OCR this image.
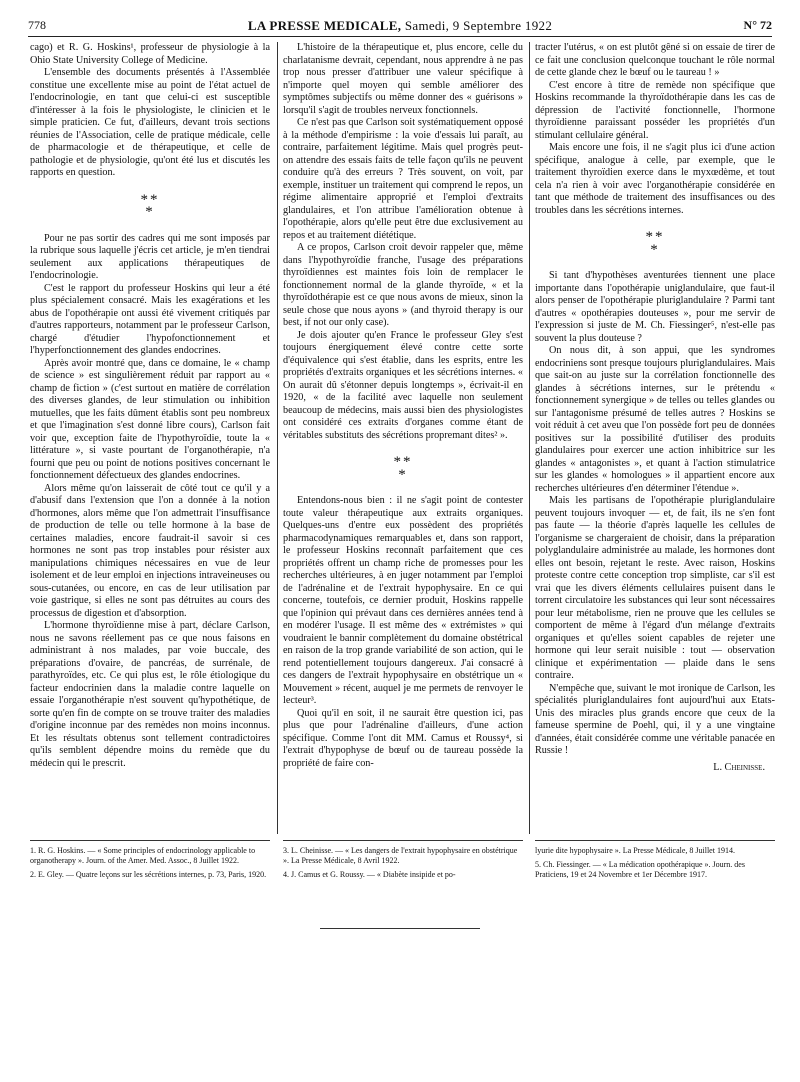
778	LA PRESSE MEDICALE, Samedi, 9 Septembre 1922	N° 72

cago) et R. G. Hoskins¹, professeur de physiologie à la Ohio State University College of Medicine.

L'ensemble des documents présentés à l'Assemblée constitue une excellente mise au point de l'état actuel de l'endocrinologie, en tant que celui-ci est susceptible d'intéresser à la fois le physiologiste, le clinicien et le simple praticien. Ce fut, d'ailleurs, devant trois sections réunies de l'Association, celle de pratique médicale, celle de pharmacologie et de thérapeutique, et celle de pathologie et de physiologie, qu'ont été lus et discutés les rapports en question.

**
*

Pour ne pas sortir des cadres qui me sont imposés par la rubrique sous laquelle j'écris cet article, je m'en tiendrai seulement aux applications thérapeutiques de l'endocrinologie.

C'est le rapport du professeur Hoskins qui leur a été plus spécialement consacré. Mais les exagérations et les abus de l'opothérapie ont aussi été vivement critiqués par d'autres rapporteurs, notamment par le professeur Carlson, chargé d'étudier l'hypofonctionnement et l'hyperfonctionnement des glandes endocrines.

Après avoir montré que, dans ce domaine, le « champ de science » est singulièrement réduit par rapport au « champ de fiction » (c'est surtout en matière de corrélation des diverses glandes, de leur stimulation ou inhibition mutuelles, que les faits dûment établis sont peu nombreux et que l'imagination s'est donné libre cours), Carlson fait voir que, exception faite de l'hypothyroïdie, toute la « littérature », si vaste pourtant de l'organothérapie, n'a fourni que peu ou point de notions positives concernant le fonctionnement défectueux des glandes endocrines.

Alors même qu'on laisserait de côté tout ce qu'il y a d'abusif dans l'extension que l'on a donnée à la notion d'hormones, alors même que l'on admettrait l'insuffisance de production de telle ou telle hormone à la base de certaines maladies, encore faudrait-il savoir si ces hormones ne sont pas trop instables pour résister aux manipulations chimiques nécessaires en vue de leur isolement et de leur emploi en injections intraveineuses ou sous-cutanées, ou encore, en cas de leur utilisation par voie gastrique, si elles ne sont pas détruites au cours des processus de digestion et d'absorption.

L'hormone thyroïdienne mise à part, déclare Carlson, nous ne savons réellement pas ce que nous faisons en administrant à nos malades, par voie buccale, des préparations d'ovaire, de pancréas, de surrénale, de parathyroïdes, etc. Ce qui plus est, le rôle étiologique du facteur endocrinien dans la maladie contre laquelle on essaie l'organothérapie n'est souvent qu'hypothétique, de sorte qu'en fin de compte on se trouve traiter des maladies d'origine inconnue par des remèdes non moins inconnus. Et les résultats obtenus sont tellement contradictoires qu'ils semblent dépendre moins du remède que du médecin qui le prescrit.

L'histoire de la thérapeutique et, plus encore, celle du charlatanisme devrait, cependant, nous apprendre à ne pas trop nous presser d'attribuer une valeur spécifique à n'importe quel moyen qui semble améliorer des symptômes subjectifs ou même donner des « guérisons » lorsqu'il s'agit de troubles nerveux fonctionnels.

Ce n'est pas que Carlson soit systématiquement opposé à la méthode d'empirisme : la voie d'essais lui paraît, au contraire, parfaitement légitime. Mais quel progrès peut-on attendre des essais faits de telle façon qu'ils ne peuvent conduire qu'à des erreurs ? Très souvent, on voit, par exemple, instituer un traitement qui comprend le repos, un régime alimentaire approprié et l'emploi d'extraits glandulaires, et l'on attribue l'amélioration obtenue à l'opothérapie, alors qu'elle peut être due exclusivement au repos et au traitement diététique.

A ce propos, Carlson croit devoir rappeler que, même dans l'hypothyroïdie franche, l'usage des préparations thyroïdiennes est maintes fois loin de remplacer le fonctionnement normal de la glande thyroïde, « et la thyroïdothérapie est ce que nous avons de mieux, sinon la seule chose que nous ayons » (and thyroid therapy is our best, if not our only case).

Je dois ajouter qu'en France le professeur Gley s'est toujours énergiquement élevé contre cette sorte d'équivalence qui s'est établie, dans les esprits, entre les propriétés d'extraits organiques et les sécrétions internes. « On aurait dû s'étonner depuis longtemps », écrivait-il en 1920, « de la facilité avec laquelle non seulement beaucoup de médecins, mais aussi bien des physiologistes ont considéré ces extraits d'organes comme étant de véritables substituts des sécrétions propremant dites² ».

**
*

Entendons-nous bien : il ne s'agit point de contester toute valeur thérapeutique aux extraits organiques. Quelques-uns d'entre eux possèdent des propriétés pharmacodynamiques remarquables et, dans son rapport, le professeur Hoskins reconnaît parfaitement que ces propriétés offrent un champ riche de promesses pour les recherches ultérieures, à en juger notamment par l'emploi de l'adrénaline et de l'extrait hypophysaire. En ce qui concerne, toutefois, ce dernier produit, Hoskins rappelle que l'opinion qui prévaut dans ces dernières années tend à en modérer l'usage. Il est même des « extrémistes » qui voudraient le bannir complètement du domaine obstétrical en raison de la trop grande variabilité de son action, qui le rend potentiellement toujours dangereux. J'ai consacré à ces dangers de l'extrait hypophysaire en obstétrique un « Mouvement » récent, auquel je me permets de renvoyer le lecteur³.

Quoi qu'il en soit, il ne saurait être question ici, pas plus que pour l'adrénaline d'ailleurs, d'une action spécifique. Comme l'ont dit MM. Camus et Roussy⁴, si l'extrait d'hypophyse de bœuf ou de taureau possède la propriété de faire con-

tracter l'utérus, « on est plutôt gêné si on essaie de tirer de ce fait une conclusion quelconque touchant le rôle normal de cette glande chez le bœuf ou le taureau ! »

C'est encore à titre de remède non spécifique que Hoskins recommande la thyroïdothérapie dans les cas de dépression de l'activité fonctionnelle, l'hormone thyroïdienne paraissant posséder les propriétés d'un stimulant cellulaire général.

Mais encore une fois, il ne s'agit plus ici d'une action spécifique, analogue à celle, par exemple, que le traitement thyroïdien exerce dans le myxœdème, et tout cela n'a rien à voir avec l'organothérapie considérée en tant que méthode de traitement des insuffisances ou des troubles dans les sécrétions internes.

**
*

Si tant d'hypothèses aventurées tiennent une place importante dans l'opothérapie uniglandulaire, que faut-il alors penser de l'opothérapie pluriglandulaire ? Parmi tant d'autres « opothérapies douteuses », pour me servir de l'expression si juste de M. Ch. Fiessinger⁵, n'est-elle pas souvent la plus douteuse ?

On nous dit, à son appui, que les syndromes endocriniens sont presque toujours pluriglandulaires. Mais que sait-on au juste sur la corrélation fonctionnelle des glandes à sécrétions internes, sur le prétendu « fonctionnement synergique » de telles ou telles glandes ou sur l'antagonisme présumé de telles autres ? Hoskins se voit réduit à cet aveu que l'on possède fort peu de données positives sur la possibilité d'utiliser des produits glandulaires pour exercer une action inhibitrice sur les glandes « antagonistes », et quant à l'action stimulatrice sur les glandes « homologues » il appartient encore aux recherches ultérieures d'en déterminer l'étendue ».

Mais les partisans de l'opothérapie pluriglandulaire peuvent toujours invoquer — et, de fait, ils ne s'en font pas faute — la théorie d'après laquelle les cellules de l'organisme se chargeraient de choisir, dans la préparation polyglandulaire administrée au malade, les hormones dont elles ont besoin, rejetant le reste. Avec raison, Hoskins proteste contre cette conception trop simpliste, car s'il est vrai que les divers éléments cellulaires puisent dans le torrent circulatoire les substances qui leur sont nécessaires pour leur métabolisme, rien ne prouve que les cellules se comportent de même à l'égard d'un mélange d'extraits organiques et qu'elles soient capables de rejeter une hormone qui leur serait nuisible : tout — observation clinique et expérimentation — plaide dans le sens contraire.

N'empêche que, suivant le mot ironique de Carlson, les spécialités pluriglandulaires font aujourd'hui aux Etats-Unis des miracles plus grands encore que ceux de la fameuse spermine de Poehl, qui, il y a une vingtaine d'années, était considérée comme une véritable panacée en Russie !

L. Cheinisse.

1. R. G. Hoskins. — « Some principles of endocrinology applicable to organotherapy ». Journ. of the Amer. Med. Assoc., 8 Juillet 1922.

2. E. Gley. — Quatre leçons sur les sécrétions internes, p. 73, Paris, 1920.

3. L. Cheinisse. — « Les dangers de l'extrait hypophysaire en obstétrique ». La Presse Médicale, 8 Avril 1922.

4. J. Camus et G. Roussy. — « Diabète insipide et po-

lyurie dite hypophysaire ». La Presse Médicale, 8 Juillet 1914.

5. Ch. Fiessinger. — « La médication opothérapique ». Journ. des Praticiens, 19 et 24 Novembre et 1er Décembre 1917.
